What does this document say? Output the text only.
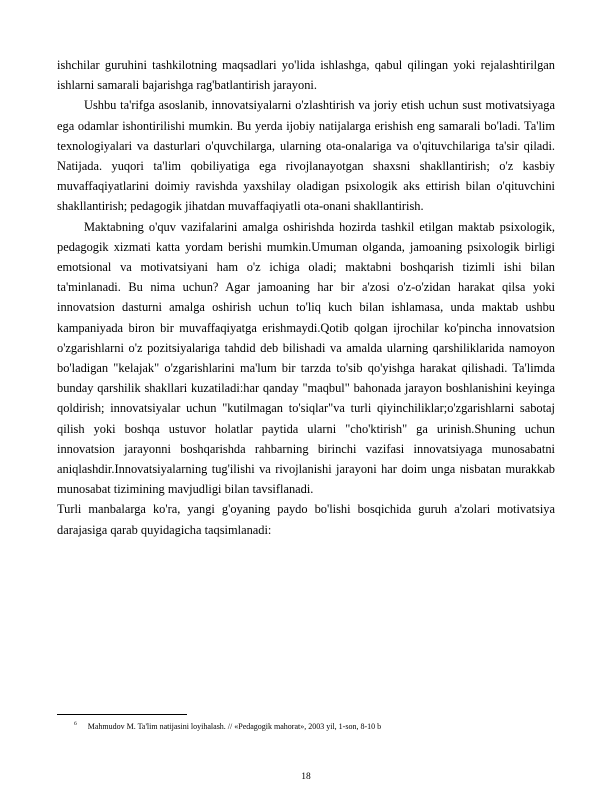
ishchilar guruhini tashkilotning maqsadlari yo'lida ishlashga, qabul qilingan yoki rejalashtirilgan ishlarni samarali bajarishga rag'batlantirish jarayoni.

Ushbu ta'rifga asoslanib, innovatsiyalarni o'zlashtirish va joriy etish uchun sust motivatsiyaga ega odamlar ishontirilishi mumkin. Bu yerda ijobiy natijalarga erishish eng samarali bo'ladi. Ta'lim texnologiyalari va dasturlari o'quvchilarga, ularning ota-onalariga va o'qituvchilariga ta'sir qiladi. Natijada. yuqori ta'lim qobiliyatiga ega rivojlanayotgan shaxsni shakllantirish; o'z kasbiy muvaffaqiyatlarini doimiy ravishda yaxshilay oladigan psixologik aks ettirish bilan o'qituvchini shakllantirish; pedagogik jihatdan muvaffaqiyatli ota-onani shakllantirish.

Maktabning o'quv vazifalarini amalga oshirishda hozirda tashkil etilgan maktab psixologik, pedagogik xizmati katta yordam berishi mumkin.Umuman olganda, jamoaning psixologik birligi emotsional va motivatsiyani ham o'z ichiga oladi; maktabni boshqarish tizimli ishi bilan ta'minlanadi. Bu nima uchun? Agar jamoaning har bir a'zosi o'z-o'zidan harakat qilsa yoki innovatsion dasturni amalga oshirish uchun to'liq kuch bilan ishlamasa, unda maktab ushbu kampaniyada biron bir muvaffaqiyatga erishmaydi.Qotib qolgan ijrochilar ko'pincha innovatsion o'zgarishlarni o'z pozitsiyalariga tahdid deb bilishadi va amalda ularning qarshiliklarida namoyon bo'ladigan "kelajak" o'zgarishlarini ma'lum bir tarzda to'sib qo'yishga harakat qilishadi. Ta'limda bunday qarshilik shakllari kuzatiladi:har qanday "maqbul" bahonada jarayon boshlanishini keyinga qoldirish; innovatsiyalar uchun "kutilmagan to'siqlar"va turli qiyinchiliklar;o'zgarishlarni sabotaj qilish yoki boshqa ustuvor holatlar paytida ularni "cho'ktirish" ga urinish.Shuning uchun innovatsion jarayonni boshqarishda rahbarning birinchi vazifasi innovatsiyaga munosabatni aniqlashdir.Innovatsiyalarning tug'ilishi va rivojlanishi jarayoni har doim unga nisbatan murakkab munosabat tizimining mavjudligi bilan tavsiflanadi.

Turli manbalarga ko'ra, yangi g'oyaning paydo bo'lishi bosqichida guruh a'zolari motivatsiya darajasiga qarab quyidagicha taqsimlanadi:

$^6$ Mahmudov M. Ta'lim natijasini loyihalash. // «Pedagogik mahorat», 2003 yil, 1-son, 8-10 b
18
